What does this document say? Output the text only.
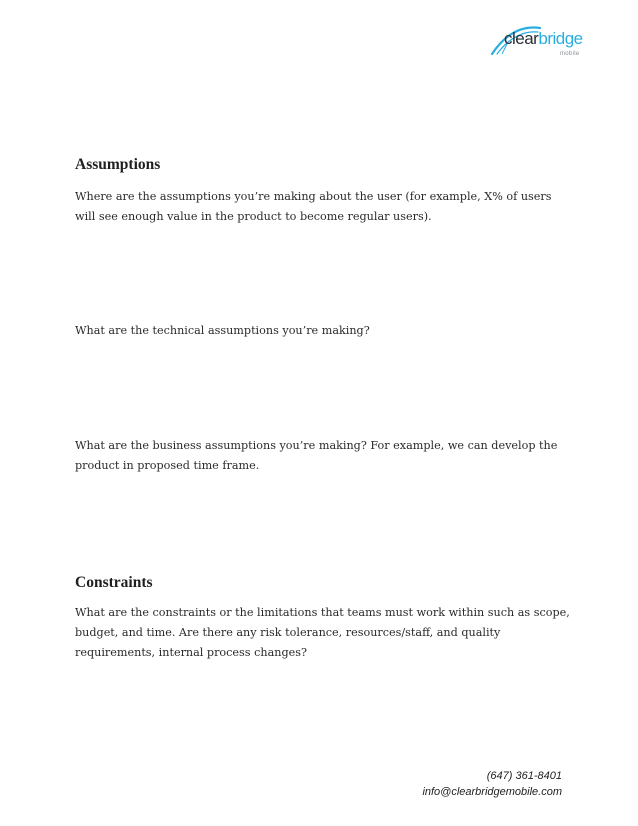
clearbridge
mobile
Assumptions

Where are the assumptions you’re making about the user (for example, X% of users will see enough value in the product to become regular users).

What are the technical assumptions you’re making?

What are the business assumptions you’re making? For example, we can develop the product in proposed time frame.

Constraints

What are the constraints or the limitations that teams must work within such as scope, budget, and time. Are there any risk tolerance, resources/staff, and quality requirements, internal process changes?

(647) 361-8401
info@clearbridgemobile.com
